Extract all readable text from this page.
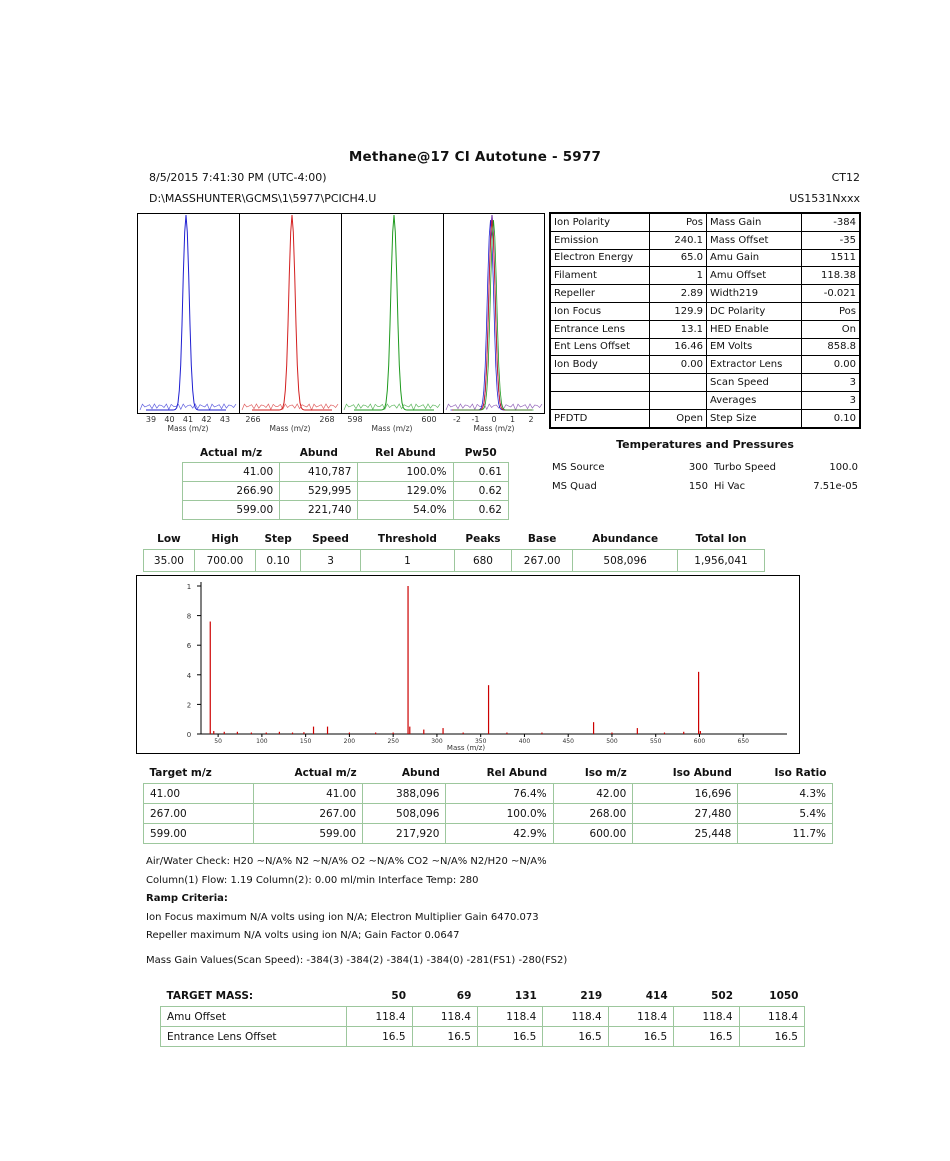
Methane@17 CI Autotune - 5977
8/5/2015 7:41:30 PM (UTC-4:00)	CT12
D:\MASSHUNTER\GCMS\1\5977\PCICH4.U	US1531Nxxx
39 40 41 42 43
Mass (m/z)
266	268
Mass (m/z)
598	600
Mass (m/z)
-2 -1 0 1 2
Mass (m/z)
Ion Polarity	Pos	Mass Gain	-384
Emission	240.1	Mass Offset	-35
Electron Energy	65.0	Amu Gain	1511
Filament	1	Amu Offset	118.38
Repeller	2.89	Width219	-0.021
Ion Focus	129.9	DC Polarity	Pos
Entrance Lens	13.1	HED Enable	On
Ent Lens Offset	16.46	EM Volts	858.8
Ion Body	0.00	Extractor Lens	0.00
		Scan Speed	3
		Averages	3
PFDTD	Open	Step Size	0.10
Temperatures and Pressures
MS Source	300	Turbo Speed	100.0
MS Quad	150	Hi Vac	7.51e-05
Actual m/z	Abund	Rel Abund	Pw50
41.00	410,787	100.0%	0.61
266.90	529,995	129.0%	0.62
599.00	221,740	54.0%	0.62
Low	High	Step	Speed	Threshold	Peaks	Base	Abundance	Total Ion
35.00	700.00	0.10	3	1	680	267.00	508,096	1,956,041
0
2
4
6
8
1
50	100	150	200	250	300	350	400	450	500	550	600	650
Mass (m/z)
Target m/z	Actual m/z	Abund	Rel Abund	Iso m/z	Iso Abund	Iso Ratio
41.00	41.00	388,096	76.4%	42.00	16,696	4.3%
267.00	267.00	508,096	100.0%	268.00	27,480	5.4%
599.00	599.00	217,920	42.9%	600.00	25,448	11.7%
Air/Water Check: H20 ~N/A% N2 ~N/A% O2 ~N/A% CO2 ~N/A% N2/H20 ~N/A%
Column(1) Flow: 1.19 Column(2): 0.00 ml/min Interface Temp: 280
Ramp Criteria:
Ion Focus maximum N/A volts using ion N/A; Electron Multiplier Gain 6470.073
Repeller maximum N/A volts using ion N/A; Gain Factor 0.0647
Mass Gain Values(Scan Speed): -384(3) -384(2) -384(1) -384(0) -281(FS1) -280(FS2)
TARGET MASS:	50	69	131	219	414	502	1050
Amu Offset	118.4	118.4	118.4	118.4	118.4	118.4	118.4
Entrance Lens Offset	16.5	16.5	16.5	16.5	16.5	16.5	16.5
